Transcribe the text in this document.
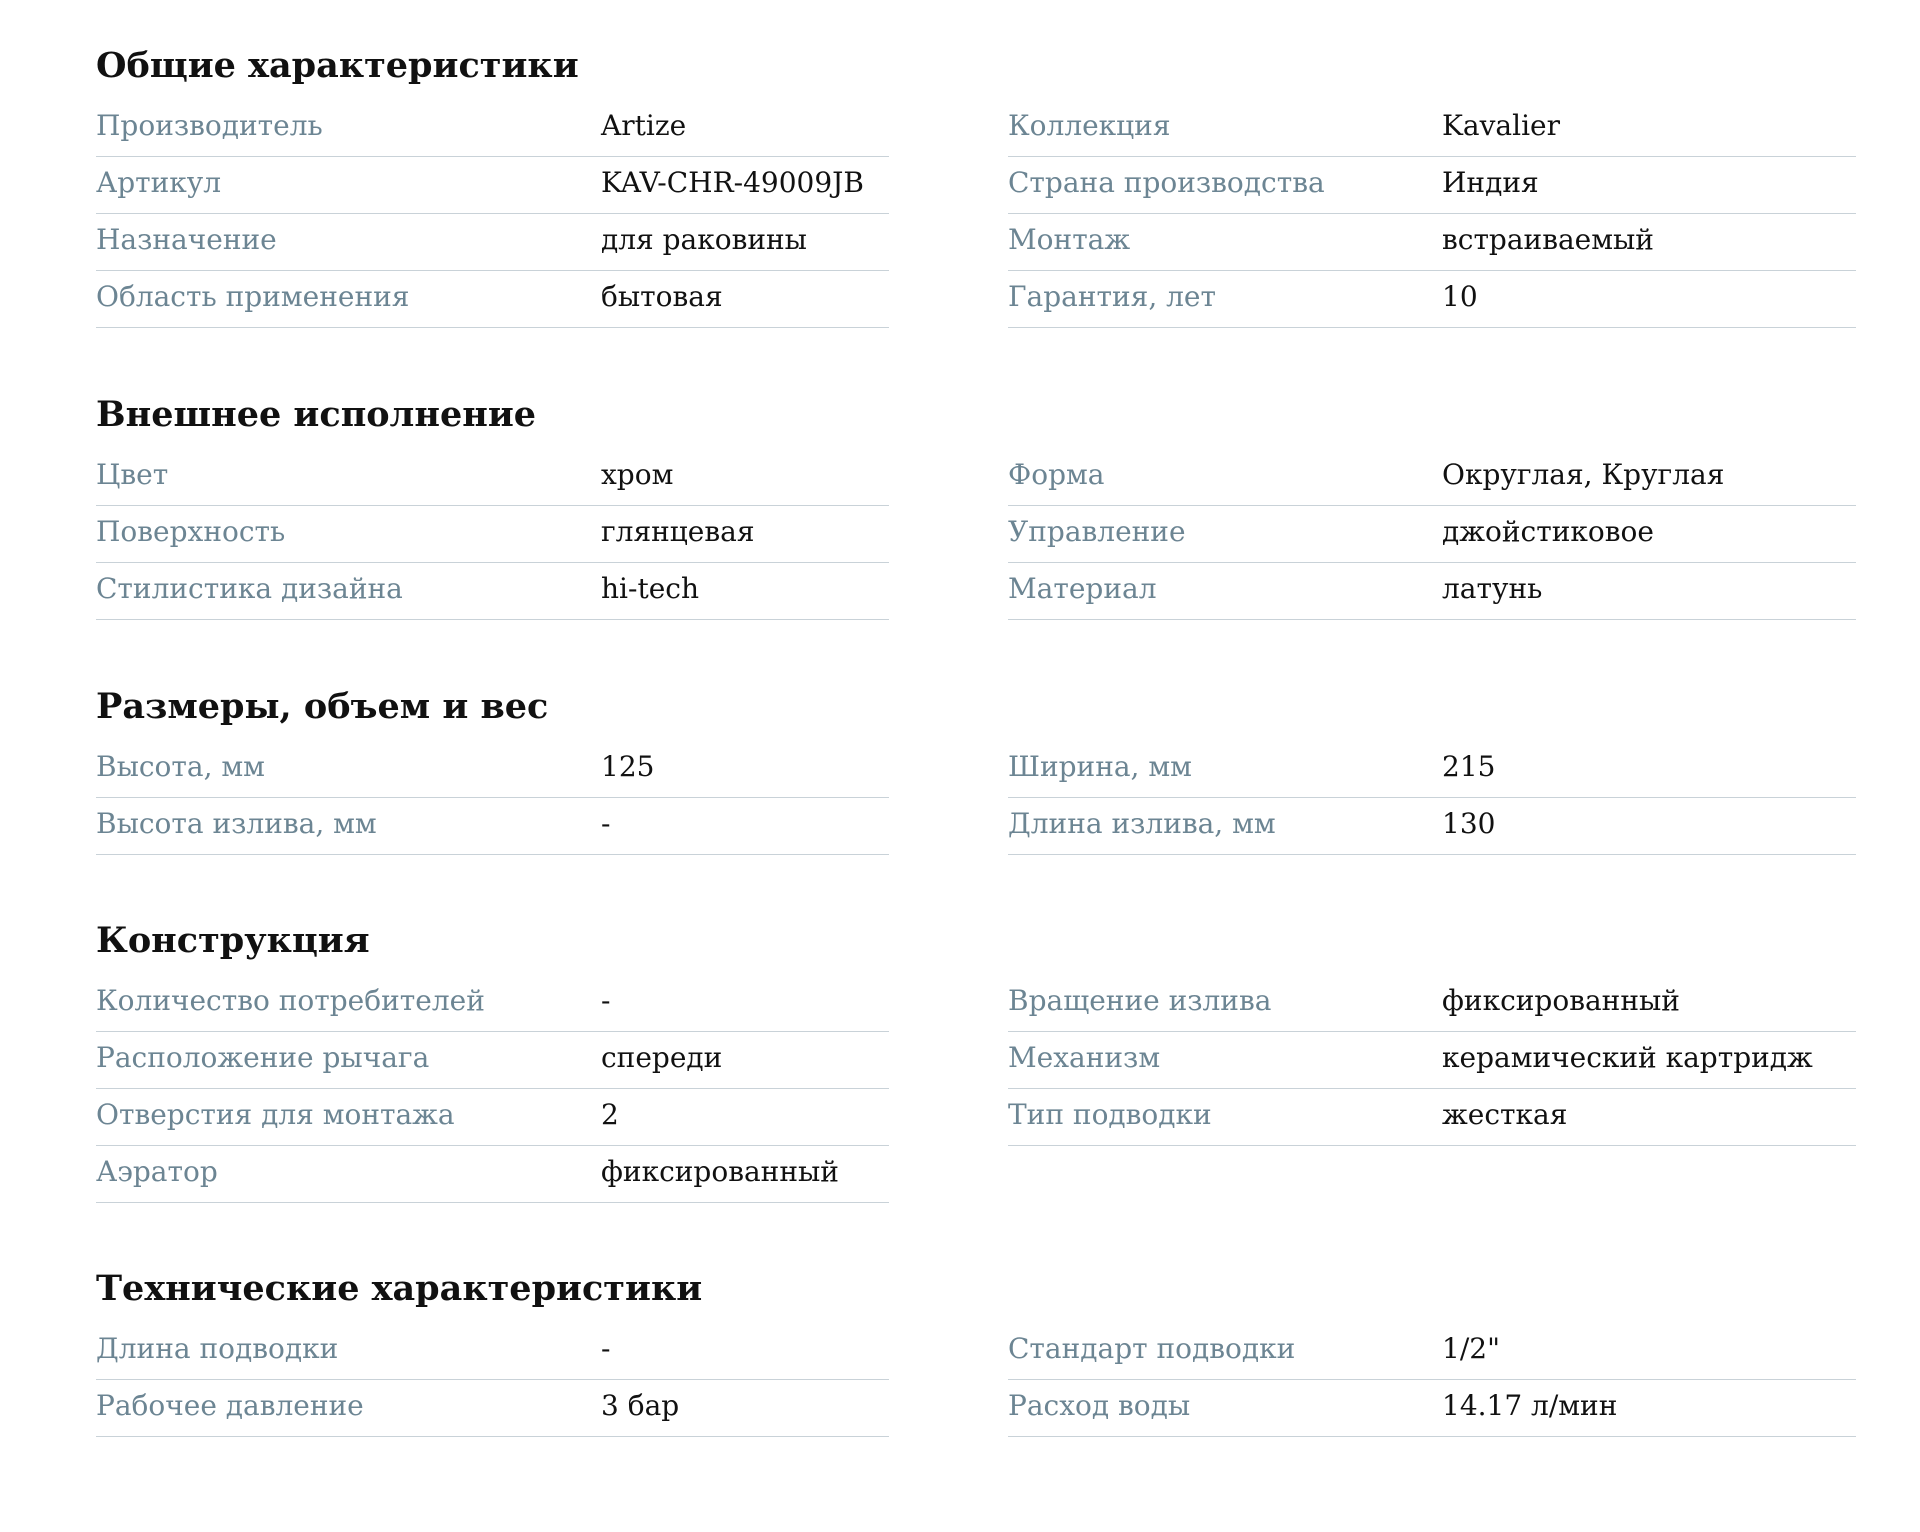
Общие характеристики
Производитель	Artize
Артикул	KAV-CHR-49009JB
Назначение	для раковины
Область применения	бытовая
Коллекция	Kavalier
Страна производства	Индия
Монтаж	встраиваемый
Гарантия, лет	10
Внешнее исполнение
Цвет	хром
Поверхность	глянцевая
Стилистика дизайна	hi-tech
Форма	Округлая, Круглая
Управление	джойстиковое
Материал	латунь
Размеры, объем и вес
Высота, мм	125
Высота излива, мм	-
Ширина, мм	215
Длина излива, мм	130
Конструкция
Количество потребителей	-
Расположение рычага	спереди
Отверстия для монтажа	2
Аэратор	фиксированный
Вращение излива	фиксированный
Механизм	керамический картридж
Тип подводки	жесткая
Технические характеристики
Длина подводки	-
Рабочее давление	3 бар
Стандарт подводки	1/2"
Расход воды	14.17 л/мин
